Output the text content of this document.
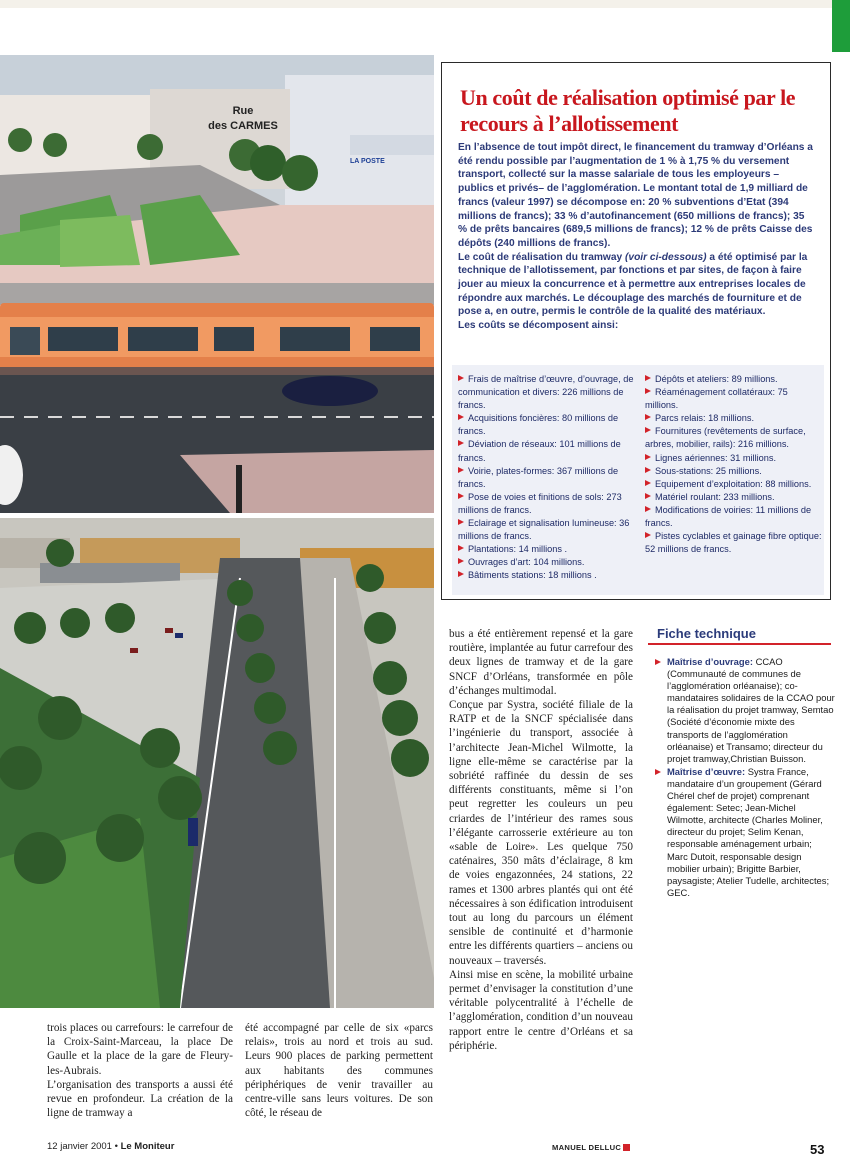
Rue
des CARMES
LA POSTE
Un coût de réalisation optimisé par le recours à l’allotissement

En l’absence de tout impôt direct, le financement du tramway d’Orléans a été rendu possible par l’augmentation de 1 % à 1,75 % du versement transport, collecté sur la masse salariale de tous les employeurs – publics et privés– de l’agglomération. Le montant total de 1,9 milliard de francs (valeur 1997) se décompose en: 20 % subventions d’Etat (394 millions de francs); 33 % d’autofinancement (650 millions de francs); 35 % de prêts bancaires (689,5 millions de francs); 12 % de prêts Caisse des dépôts (240 millions de francs).

Le coût de réalisation du tramway (voir ci-dessous) a été optimisé par la technique de l’allotissement, par fonctions et par sites, de façon à faire jouer au mieux la concurrence et à permettre aux entreprises locales de répondre aux marchés. Le découplage des marchés de fourniture et de pose a, en outre, permis le contrôle de la qualité des matériaux.

Les coûts se décomposent ainsi:

Frais de maîtrise d’œuvre, d’ouvrage, de communication et divers: 226 millions de francs.
Acquisitions foncières: 80 millions de francs.
Déviation de réseaux: 101 millions de francs.
Voirie, plates-formes: 367 millions de francs.
Pose de voies et finitions de sols: 273 millions de francs.
Eclairage et signalisation lumineuse: 36 millions de francs.
Plantations: 14 millions .
Ouvrages d’art: 104 millions.
Bâtiments stations: 18 millions .
Dépôts et ateliers: 89 millions.
Réaménagement collatéraux: 75 millions.
Parcs relais: 18 millions.
Fournitures (revêtements de surface, arbres, mobilier, rails): 216 millions.
Lignes aériennes: 31 millions.
Sous-stations: 25 millions.
Equipement d’exploitation: 88 millions.
Matériel roulant: 233 millions.
Modifications de voiries: 11 millions de francs.
Pistes cyclables et gainage fibre optique: 52 millions de francs.
Fiche technique
Maîtrise d’ouvrage: CCAO (Communauté de communes de l’agglomération orléanaise); co-mandataires solidaires de la CCAO pour la réalisation du projet tramway, Semtao (Société d’économie mixte des transports de l’agglomération orléanaise) et Transamo; directeur du projet tramway,Christian Buisson.
Maîtrise d’œuvre: Systra France, mandataire d’un groupement (Gérard Chérel chef de projet) comprenant également: Setec; Jean-Michel Wilmotte, architecte (Charles Moliner, directeur du projet; Selim Kenan, responsable aménagement urbain; Marc Dutoit, responsable design mobilier urbain); Brigitte Barbier, paysagiste; Atelier Tudelle, architectes; GEC.

bus a été entièrement repensé et la gare routière, implantée au futur carrefour des deux lignes de tramway et de la gare SNCF d’Orléans, transformée en pôle d’échanges multimodal.

Conçue par Systra, société filiale de la RATP et de la SNCF spécialisée dans l’ingénierie du transport, associée à l’architecte Jean-Michel Wilmotte, la ligne elle-même se caractérise par la sobriété raffinée du dessin de ses différents constituants, même si l’on peut regretter les couleurs un peu criardes de l’intérieur des rames sous l’élégante carrosserie extérieure au ton «sable de Loire». Les quelque 750 caténaires, 350 mâts d’éclairage, 8 km de voies engazonnées, 24 stations, 22 rames et 1300 arbres plantés qui ont été nécessaires à son édification introduisent tout au long du parcours un élément sensible de continuité et d’harmonie entre les différents quartiers – anciens ou nouveaux – traversés.

Ainsi mise en scène, la mobilité urbaine permet d’envisager la constitution d’une véritable polycentralité à l’échelle de l’agglomération, condition d’un nouveau rapport entre le centre d’Orléans et sa périphérie.

MANUEL DELLUC

trois places ou carrefours: le carrefour de la Croix-Saint-Marceau, la place De Gaulle et la place de la gare de Fleury-les-Aubrais.

L’organisation des transports a aussi été revue en profondeur. La création de la ligne de tramway a

été accompagné par celle de six «parcs relais», trois au nord et trois au sud. Leurs 900 places de parking permettent aux habitants des communes périphériques de venir travailler au centre-ville sans leurs voitures. De son côté, le réseau de

12 janvier 2001 • Le Moniteur	53
